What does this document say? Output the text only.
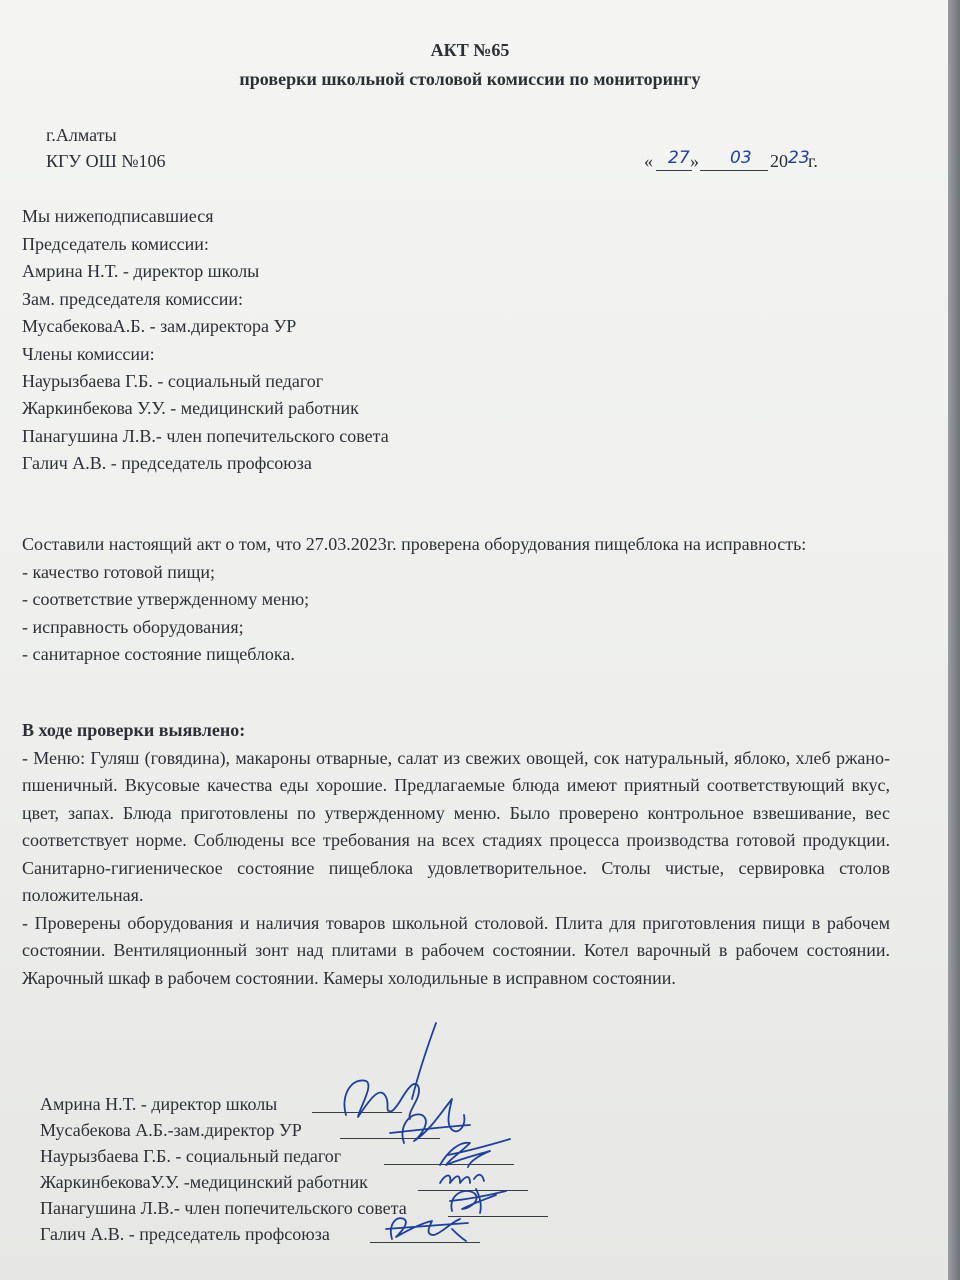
АКТ №65
проверки школьной столовой комиссии по мониторингу
г.Алматы
КГУ ОШ №106	« 27 » 03 20 23
г.
Мы нижеподписавшиеся
Председатель комиссии:
Амрина Н.Т. - директор школы
Зам. председателя комиссии:
МусабековаА.Б. - зам.директора УР
Члены комиссии:
Наурызбаева Г.Б. - социальный педагог
Жаркинбекова У.У. - медицинский работник
Панагушина Л.В.- член попечительского совета
Галич А.В. - председатель профсоюза

Составили настоящий акт о том, что 27.03.2023г. проверена оборудования пищеблока на исправность:

- качество готовой пищи;

- соответствие утвержденному меню;

- исправность оборудования;

- санитарное состояние пищеблока.

В ходе проверки выявлено:

- Меню: Гуляш (говядина), макароны отварные, салат из свежих овощей, сок натуральный, яблоко, хлеб ржано-пшеничный. Вкусовые качества еды хорошие. Предлагаемые блюда имеют приятный соответствующий вкус, цвет, запах. Блюда приготовлены по утвержденному меню. Было проверено контрольное взвешивание, вес соответствует норме. Соблюдены все требования на всех стадиях процесса производства готовой продукции. Санитарно-гигиеническое состояние пищеблока удовлетворительное. Столы чистые, сервировка столов положительная.

- Проверены оборудования и наличия товаров школьной столовой. Плита для приготовления пищи в рабочем состоянии. Вентиляционный зонт над плитами в рабочем состоянии. Котел варочный в рабочем состоянии. Жарочный шкаф в рабочем состоянии. Камеры холодильные в исправном состоянии.

Амрина Н.Т. - директор школы
Мусабекова А.Б.-зам.директор УР
Наурызбаева Г.Б. - социальный педагог
ЖаркинбековаУ.У. -медицинский работник
Панагушина Л.В.- член попечительского совета
Галич А.В. - председатель профсоюза
